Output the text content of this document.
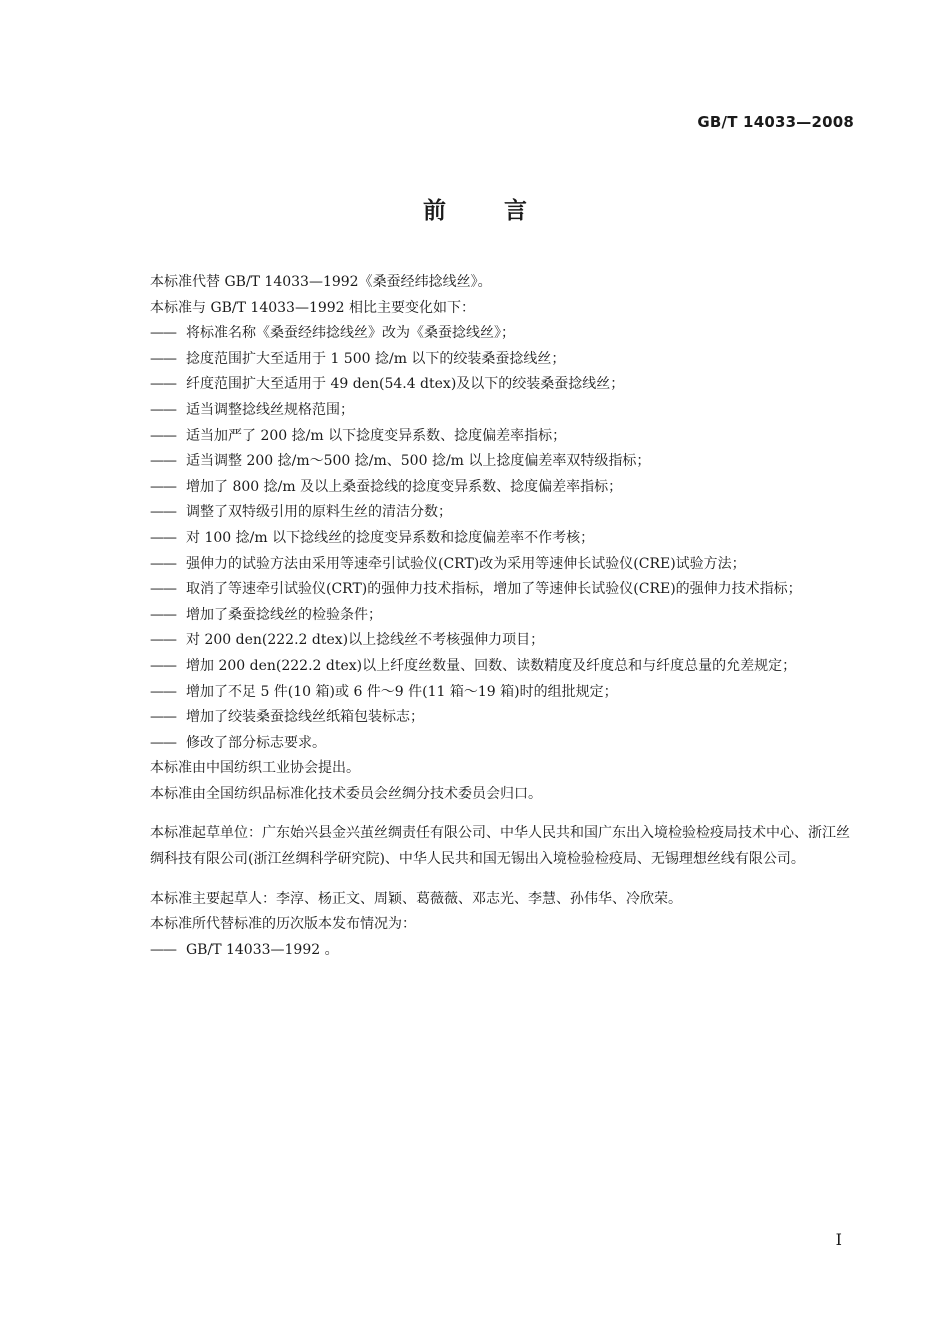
GB/T 14033—2008
前言

本标准代替 GB/T 14033—1992《桑蚕经纬捻线丝》。

本标准与 GB/T 14033—1992 相比主要变化如下：

—— 将标准名称《桑蚕经纬捻线丝》改为《桑蚕捻线丝》；
—— 捻度范围扩大至适用于 1 500 捻/m 以下的绞装桑蚕捻线丝；
—— 纤度范围扩大至适用于 49 den(54.4 dtex)及以下的绞装桑蚕捻线丝；
—— 适当调整捻线丝规格范围；
—— 适当加严了 200 捻/m 以下捻度变异系数、捻度偏差率指标；
—— 适当调整 200 捻/m～500 捻/m、500 捻/m 以上捻度偏差率双特级指标；
—— 增加了 800 捻/m 及以上桑蚕捻线的捻度变异系数、捻度偏差率指标；
—— 调整了双特级引用的原料生丝的清洁分数；
—— 对 100 捻/m 以下捻线丝的捻度变异系数和捻度偏差率不作考核；
—— 强伸力的试验方法由采用等速牵引试验仪(CRT)改为采用等速伸长试验仪(CRE)试验方法；
—— 取消了等速牵引试验仪(CRT)的强伸力技术指标，增加了等速伸长试验仪(CRE)的强伸力技术指标；
—— 增加了桑蚕捻线丝的检验条件；
—— 对 200 den(222.2 dtex)以上捻线丝不考核强伸力项目；
—— 增加 200 den(222.2 dtex)以上纤度丝数量、回数、读数精度及纤度总和与纤度总量的允差规定；
—— 增加了不足 5 件(10 箱)或 6 件～9 件(11 箱～19 箱)时的组批规定；
—— 增加了绞装桑蚕捻线丝纸箱包装标志；
—— 修改了部分标志要求。

本标准由中国纺织工业协会提出。

本标准由全国纺织品标准化技术委员会丝绸分技术委员会归口。

本标准起草单位：广东始兴县金兴茧丝绸责任有限公司、中华人民共和国广东出入境检验检疫局技术中心、浙江丝绸科技有限公司(浙江丝绸科学研究院)、中华人民共和国无锡出入境检验检疫局、无锡理想丝线有限公司。

本标准主要起草人：李淳、杨正文、周颖、葛薇薇、邓志光、李慧、孙伟华、冷欣荣。

本标准所代替标准的历次版本发布情况为：

—— GB/T 14033—1992 。
I
